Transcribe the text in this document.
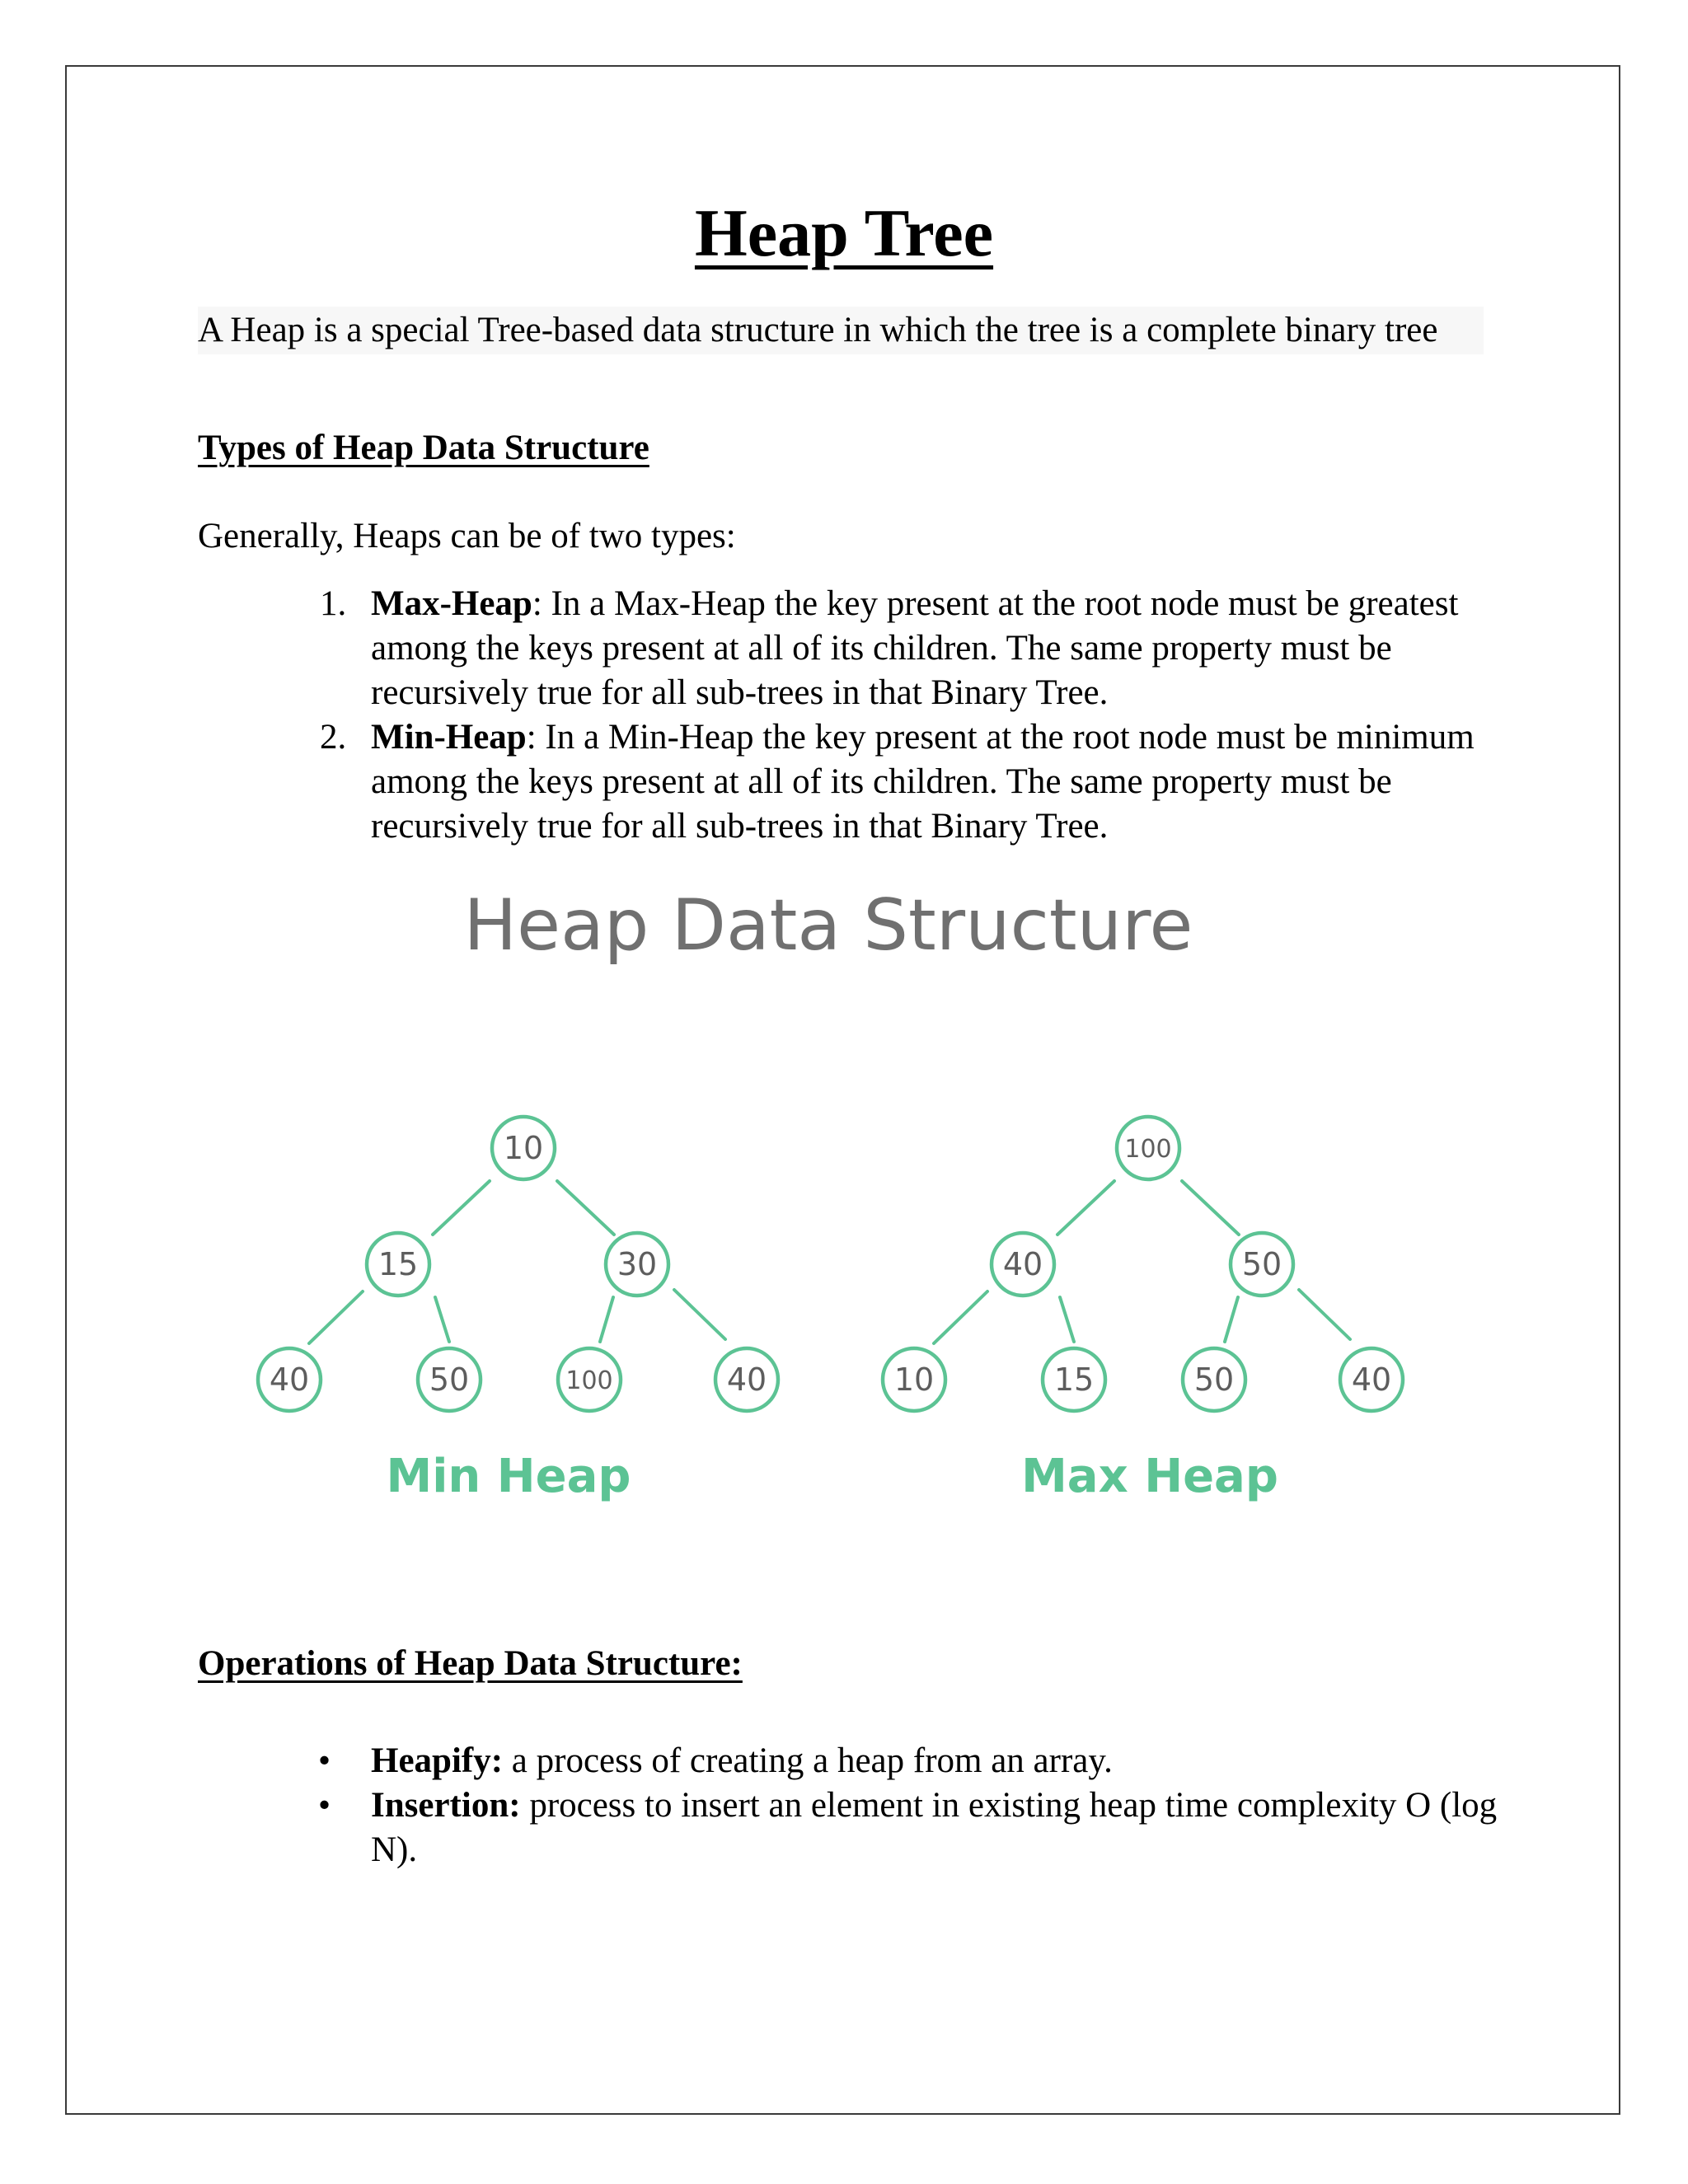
Heap Tree

A Heap is a special Tree-based data structure in which the tree is a complete binary tree

Types of Heap Data Structure

Generally, Heaps can be of two types:

1. Max-Heap: In a Max-Heap the key present at the root node must be greatest among the keys present at all of its children. The same property must be recursively true for all sub-trees in that Binary Tree.
2. Min-Heap: In a Min-Heap the key present at the root node must be minimum among the keys present at all of its children. The same property must be recursively true for all sub-trees in that Binary Tree.
Heap Data Structure
10
15	30
40	50	100	40
100
40	50
10	15	50	40
Min Heap	Max Heap
Operations of Heap Data Structure:
• Heapify: a process of creating a heap from an array.
• Insertion: process to insert an element in existing heap time complexity O (log N).
